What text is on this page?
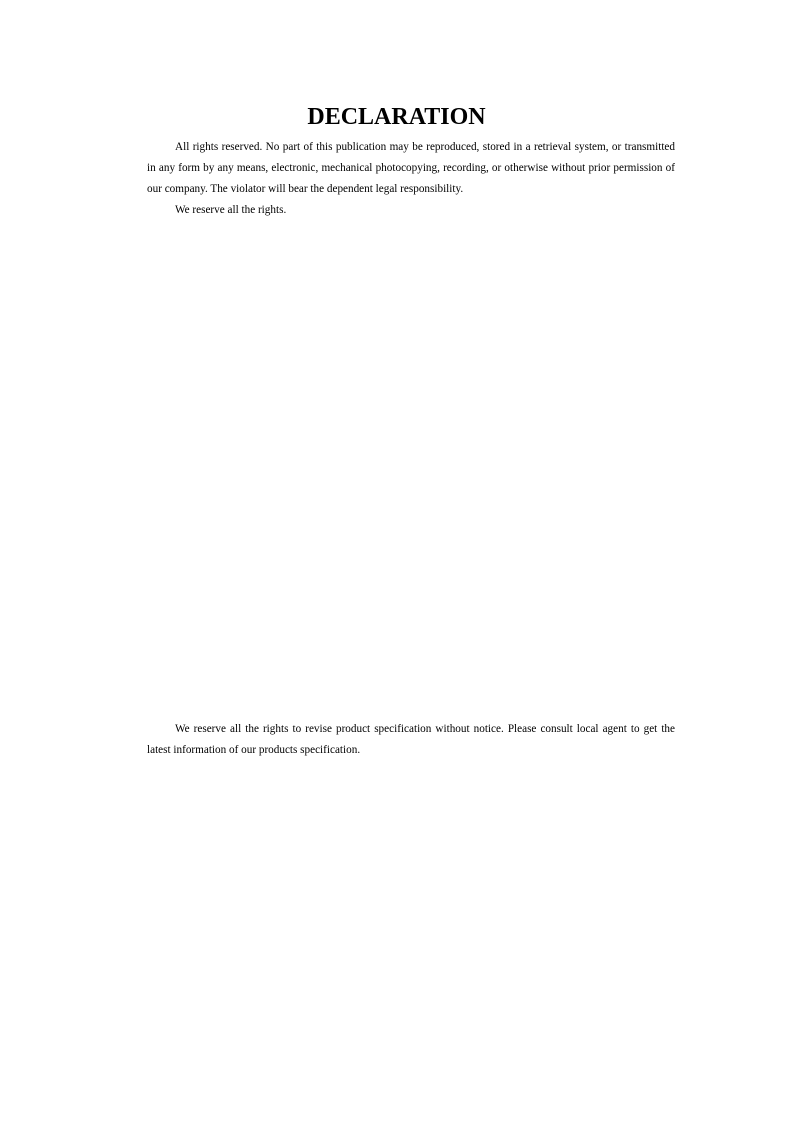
DECLARATION

All rights reserved. No part of this publication may be reproduced, stored in a retrieval system, or transmitted in any form by any means, electronic, mechanical photocopying, recording, or otherwise without prior permission of our company. The violator will bear the dependent legal responsibility.

We reserve all the rights.

We reserve all the rights to revise product specification without notice. Please consult local agent to get the latest information of our products specification.
